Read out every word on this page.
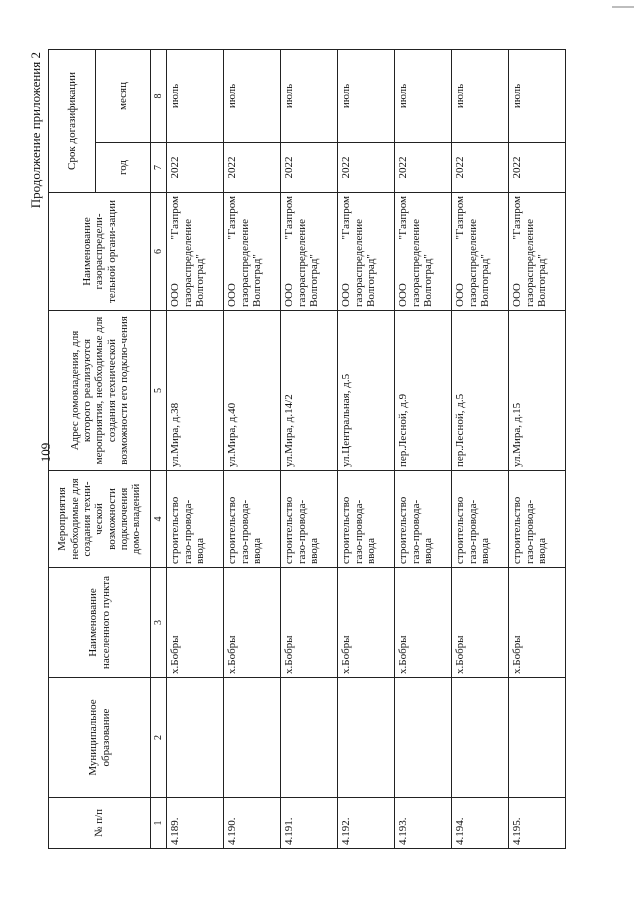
109
Продолжение приложения 2
№ п/п	Муниципальное образование	Наименование населенного пункта	Мероприятия необходимые для создания техни-ческой возможности подключения домо-владений	Адрес домовладения, для которого реализуются мероприятия, необходимые для создания технической возможности его подклю-чения	Наименование газораспредели-тельной органи-зации	Срок догазификации	
						год	месяц
1	2	3	4	5	6	7	8
4.189.		х.Бобры	строительство газо-провода-ввода	ул.Мира, д.38	ООО "Газпром газораспределение Волгоград"	2022	июль
4.190.		х.Бобры	строительство газо-провода-ввода	ул.Мира, д.40	ООО "Газпром газораспределение Волгоград"	2022	июль
4.191.		х.Бобры	строительство газо-провода-ввода	ул.Мира, д.14/2	ООО "Газпром газораспределение Волгоград"	2022	июль
4.192.		х.Бобры	строительство газо-провода-ввода	ул.Центральная, д.5	ООО "Газпром газораспределение Волгоград"	2022	июль
4.193.		х.Бобры	строительство газо-провода-ввода	пер.Лесной, д.9	ООО "Газпром газораспределение Волгоград"	2022	июль
4.194.		х.Бобры	строительство газо-провода-ввода	пер.Лесной, д.5	ООО "Газпром газораспределение Волгоград"	2022	июль
4.195.		х.Бобры	строительство газо-провода-ввода	ул.Мира, д.15	ООО "Газпром газораспределение Волгоград"	2022	июль
